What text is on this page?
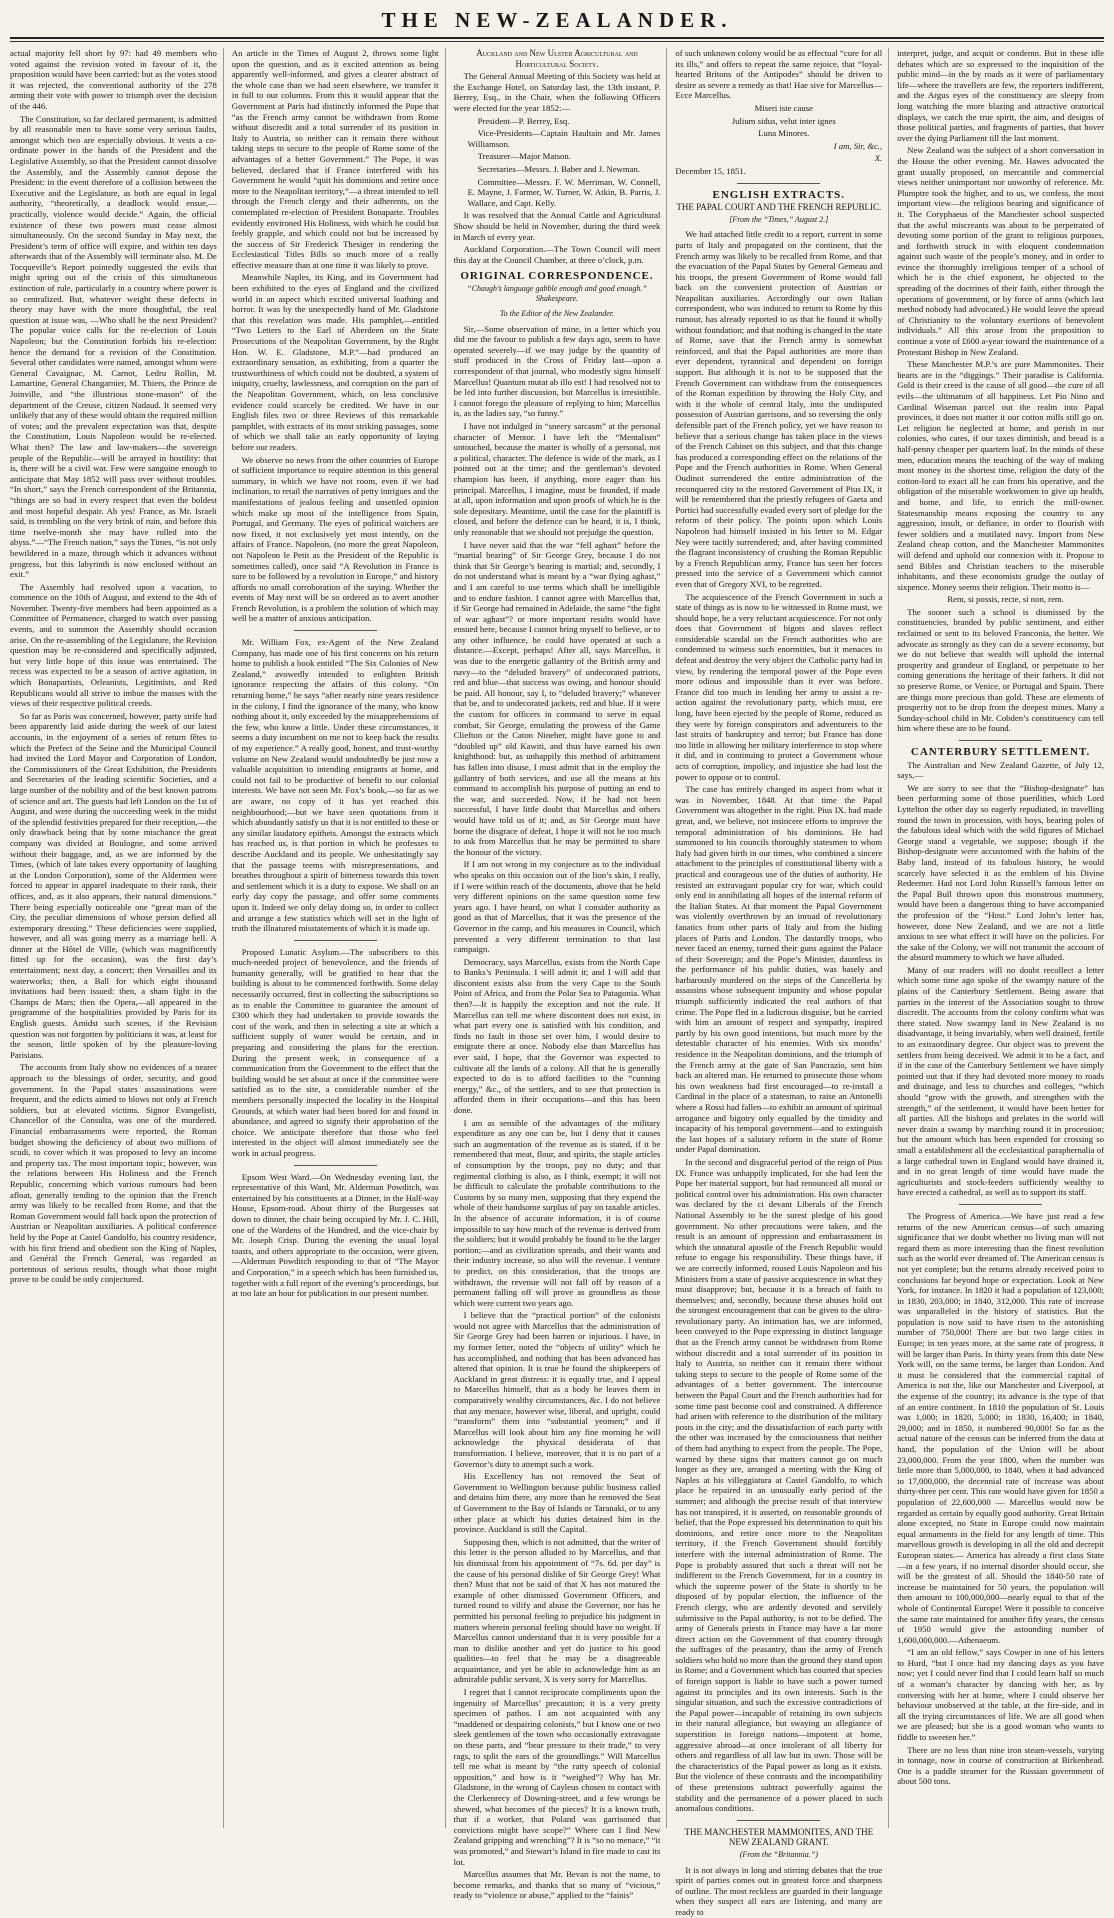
THE NEW-ZEALANDER.

actual majority fell short by 97: had 49 members who voted against the revision voted in favour of it, the proposition would have been carried: but as the votes stood it was rejected, the conventional authority of the 278 arming their vote with power to triumph over the decision of the 446.

The Constitution, so far declared permanent, is admitted by all reasonable men to have some very serious faults, amongst which two are especially obvious. It vests a co-ordinate power in the hands of the President and the Legislative Assembly, so that the President cannot dissolve the Assembly, and the Assembly cannot depose the President: in the event therefore of a collision between the Executive and the Legislature, as both are equal in legal authority, “theoretically, a deadlock would ensue,—practically, violence would decide.” Again, the official existence of these two powers must cease almost simultaneously. On the second Sunday in May next, the President’s term of office will expire, and within ten days afterwards that of the Assembly will terminate also. M. De Tocqueville’s Report pointedly suggested the evils that might spring out of the crisis of this simultaneous extinction of rule, particularly in a country where power is so centralized. But, whatever weight these defects in theory may have with the more thoughtful, the real question at issue was, —Who shall be the next President? The popular voice calls for the re-election of Louis Napoleon; but the Constitution forbids his re-election: hence the demand for a revision of the Constitution. Several other candidates were named, amongst whom were General Cavaignac, M. Carnot, Ledru Rollin, M. Lamartine, General Changarnier, M. Thiers, the Prince de Joinville, and “the illustrious stone-mason” of the department of the Creuse, citizen Nadaud. It seemed very unlikely that any of these would obtain the required million of votes; and the prevalent expectation was that, despite the Constitution, Louis Napoleon would be re-elected. What then? The law and law-makers—the sovereign people of the Republic—will be arrayed in hostility: that is, there will be a civil war. Few were sanguine enough to anticipate that May 1852 will pass over without troubles. “In short,” says the French correspondent of the Britannia, “things are so bad in every respect that even the boldest and most hopeful despair. Ah yes! France, as Mr. Israeli said, is trembling on the very brink of ruin, and before this time twelve-month she may have rolled into the abyss.”—“The French nation,” says the Times, “is not only bewildered in a maze, through which it advances without progress, but this labyrinth is now enclosed without an exit.”

The Assembly had resolved upon a vacation, to commence on the 10th of August, and extend to the 4th of November. Twenty-five members had been appointed as a Committee of Permanence, charged to watch over passing events, and to summon the Assembly should occasion arise. On the re-assembling of the Legislature, the Revision question may be re-considered and specifically adjusted, but very little hope of this issue was entertained. The recess was expected to be a season of active agitation, in which Bonapartists, Orleanists, Legitimists, and Red Republicans would all strive to imbue the masses with the views of their respective political creeds.

So far as Paris was concerned, however, party strife had been apparently laid aside during the week of our latest accounts, in the enjoyment of a series of return fêtes to which the Prefect of the Seine and the Municipal Council had invited the Lord Mayor and Corporation of London, the Commissioners of the Great Exhibition, the Presidents and Secretaries of the leading scientific Societies, and a large number of the nobility and of the best known patrons of science and art. The guests had left London on the 1st of August, and were during the succeeding week in the midst of the splendid festivities prepared for their reception,—the only drawback being that by some mischance the great company was divided at Boulogne, and some arrived without their baggage, and, as we are informed by the Times, (which of late takes every opportunity of laughing at the London Corporation), some of the Aldermen were forced to appear in apparel inadequate to their rank, their offices, and, as it also appears, their natural dimensions.” There being especially noticeable one “great man of the City, the peculiar dimensions of whose person defied all extemporary dressing.” These deficiencies were supplied, however, and all was going merry as a marriage bell. A dinner at the Hôtel de Ville, (which was magnificently fitted up for the occasion), was the first day’s entertainment; next day, a concert; then Versailles and its waterworks; then, a Ball for which eight thousand invitations had been issued: then, a sham fight in the Champs de Mars; then the Opera,—all appeared in the programme of the hospitalities provided by Paris for its English guests. Amidst such scenes, if the Revision question was not forgotten by politicians it was, at least for the season, little spoken of by the pleasure-loving Parisians.

The accounts from Italy show no evidences of a nearer approach to the blessings of order, security, and good government. In the Papal states assassinations were frequent, and the edicts aimed to blows not only at French soldiers, but at elevated victims. Signor Evangelisti, Chancellor of the Consulta, was one of the murdered. Financial embarrassments were reported, the Roman budget showing the deficiency of about two millions of scudi, to cover which it was proposed to levy an income and property tax. The most important topic, however, was the relations between His Holiness and the French Republic, concerning which various rumours had been afloat, generally tending to the opinion that the French army was likely to be recalled from Rome, and that the Roman Government would fall back upon the protection of Austrian or Neapolitan auxiliaries. A political conference held by the Pope at Castel Gandolfo, his country residence, with his first friend and obedient son the King of Naples, and Genéral the French General, was regarded as portentous of serious results, though what those might prove to be could be only conjectured.

An article in the Times of August 2, throws some light upon the question, and as it excited attention as being apparently well-informed, and gives a clearer abstract of the whole case than we had seen elsewhere, we transfer it in full to our columns. From this it would appear that the Government at Paris had distinctly informed the Pope that “as the French army cannot be withdrawn from Rome without discredit and a total surrender of its position in Italy to Austria, so neither can it remain there without taking steps to secure to the people of Rome some of the advantages of a better Government.” The Pope, it was believed, declared that if France interfered with his Government he would “quit his dominions and retire once more to the Neapolitan territory,”—a threat intended to tell through the French clergy and their adherents, on the contemplated re-election of President Bonaparte. Troubles evidently environed His Holiness, with which he could but feebly grapple, and which could not but be increased by the success of Sir Frederick Thesiger in rendering the Ecclesiastical Titles Bills so much more of a really effective measure than at one time it was likely to prove.

Meanwhile Naples, its King, and its Government had been exhibited to the eyes of England and the civilized world in an aspect which excited universal loathing and horror. It was by the unexpectedly hand of Mr. Gladstone that this revelation was made. His pamphlet,—entitled “Two Letters to the Earl of Aberdeen on the State Prosecutions of the Neapolitan Government, by the Right Hon. W. E. Gladstone, M.P.”—had produced an extraordinary sensation, as exhibiting, from a quarter the trustworthiness of which could not be doubted, a system of iniquity, cruelty, lawlessness, and corruption on the part of the Neapolitan Government, which, on less conclusive evidence could scarcely be credited. We have in our English files two or three Reviews of this remarkable pamphlet, with extracts of its most striking passages, some of which we shall take an early opportunity of laying before our readers.

We observe no news from the other countries of Europe of sufficient importance to require attention in this general summary, in which we have not room, even if we had inclination, to retail the narratives of petty intrigues and the manifestations of jealous feeling and unsettled opinion which make up most of the intelligence from Spain, Portugal, and Germany. The eyes of political watchers are now fixed, it not exclusively yet most intently, on the affairs of France. Napoleon, (no more the great Napoleon, not Napoleon le Petit as the President of the Republic is sometimes called), once said “A Revolution in France is sure to be followed by a revolution in Europe,” and history affords no small corroboration of the saying. Whether the events of May next will be so ordered as to avert another French Revolution, is a problem the solution of which may well be a matter of anxious anticipation.

Mr. William Fox, ex-Agent of the New Zealand Company, has made one of his first concerns on his return home to publish a book entitled “The Six Colonies of New Zealand,” avowedly intended to enlighten British ignorance respecting the affairs of this colony. “On returning home,” he says “after nearly nine years residence in the colony, I find the ignorance of the many, who know nothing about it, only exceeded by the misapprehensions of the few, who know a little. Under these circumstances, it seems a duty incumbent on me not to keep back the results of my experience.” A really good, honest, and trust-worthy volume on New Zealand would undoubtedly be just now a valuable acquisition to intending emigrants at home, and could not fail to be productive of benefit to our colonial interests. We have not seen Mr. Fox’s book,—so far as we are aware, no copy of it has yet reached this neighbourhood;—but we have seen quotations from it which abundantly satisfy us that it is not entitled to these or any similar laudatory epithets. Amongst the extracts which has reached us, is that portion in which he professes to describe Auckland and its people. We unhesitatingly say that the passage teems with misrepresentations, and breathes throughout a spirit of bitterness towards this town and settlement which it is a duty to expose. We shall on an early day copy the passage, and offer some comments upon it. Indeed we only delay doing so, in order to collect and arrange a few statistics which will set in the light of truth the illnatured misstatements of which it is made up.

Proposed Lunatic Asylum.—The subscribers to this much-needed project of benevolence, and the friends of humanity generally, will be gratified to hear that the building is about to be commenced forthwith. Some delay necessarily occurred, first in collecting the subscriptions so as to enable the Committee to guarantee the amount of £300 which they had undertaken to provide towards the cost of the work, and then in selecting a site at which a sufficient supply of water would be certain, and in preparing and considering the plans for the erection. During the present week, in consequence of a communication from the Government to the effect that the building would be set about at once if the committee were satisfied as to the site, a considerable number of the members personally inspected the locality in the Hospital Grounds, at which water had been bored for and found in abundance, and agreed to signify their approbation of the choice. We anticipate therefore that those who feel interested in the object will almost immediately see the work in actual progress.

Epsom West Ward.—On Wednesday evening last, the representative of this Ward, Mr. Alderman Powditch, was entertained by his constituents at a Dinner, in the Half-way House, Epsom-road. About thirty of the Burgesses sat down to dinner, the chair being occupied by Mr. J. C. Hill, one of the Wardens of the Hundred, and the vice-chair by Mr. Joseph Crisp. During the evening the usual loyal toasts, and others appropriate to the occasion, were given,—Alderman Powditch responding to that of “The Mayor and Corporation,” in a speech which has been furnished us, together with a full report of the evening’s proceedings, but at too late an hour for publication in our present number.

Auckland and New Ulster Agricultural and Horticultural Society.

The General Annual Meeting of this Society was held at the Exchange Hotel, on Saturday last, the 13th instant, P. Berrey, Esq., in the Chair, when the following Officers were elected for the year 1852:—

President—P. Berrey, Esq.

Vice-Presidents—Captain Haultain and Mr. James Williamson.

Treasurer—Major Matson.

Secretaries—Messrs. J. Baber and J. Newman.

Committee—Messrs. F. W. Merriman, W. Connell, E. Mayne, J. Farmer, W. Turner, W. Atkin, B. Parris, J. Wallace, and Capt. Kelly.

It was resolved that the Annual Cattle and Agricultural Show should be held in November, during the third week in March of every year.

Auckland Corporation.—The Town Council will meet this day at the Council Chamber, at three o’clock, p.m.

ORIGINAL CORRESPONDENCE.
“Chaugh’s language gabble enough and good enough.” Shakespeare.
To the Editor of the New Zealander.

Sir,—Some observation of mine, in a letter which you did me the favour to publish a few days ago, seem to have operated severely—if we may judge by the quantity of stuff produced in the Cross of Friday last—upon a correspondent of that journal, who modestly signs himself Marcellus! Quantum mutat ab illo est! I had resolved not to be led into further discussion, but Marcellus is irresistible. I cannot forego the pleasure of replying to him; Marcellus is, as the ladies say, “so funny.”

I have not indulged in “sneery sarcasm” at the personal character of Mentor. I have left the “Mentalism” untouched, because the matter is wholly of a personal, not a political, character. The defence is wide of the mark, as I pointed out at the time; and the gentleman’s devoted champion has been, if anything, more eager than his principal. Marcellus, I imagine, must be founded, if made at all, upon information and upon proofs of which he is the sole depositary. Meantime, until the case for the plaintiff is closed, and before the defence can be heard, it is, I think, only reasonable that we should not prejudge the question.

I have never said that the war “fell aghast” before the “martial bearing” of Sir George Grey, because I do not think that Sir George’s bearing is martial; and, secondly, I do not understand what is meant by a “war flying aghast,” and I am careful to use terms which shall be intelligible and to endure fashion. I cannot agree with Marcellus that, if Sir George had remained in Adelaide, the same “the fight of war aghast”? or more important results would have ensued here, because I cannot bring myself to believe, or to any other influence, he could have operated at such a distance.—Except, perhaps! After all, says Marcellus, it was due to the energetic gallantry of the British army and navy—to the “deluded bravery” of undecorated patriots, red and blue—that success was owing, and honour should be paid. All honour, say I, to “deluded bravery;” whatever that be, and to undecorated jackets, red and blue. If it were the custom for officers in command to serve in equal combat, Sir George, emulating the prowess of the Game Cliefton or the Caton Nineher, might have gone to and “doubled up” old Kawiti, and thus have earned his own knighthood: but, as unhappily this method of arbitrament has fallen into disuse, I must admit that in the employ the gallantry of both services, and use all the means at his command to accomplish his purpose of putting an end to the war, and succeeded. Now, if he had not been successful, I have little doubt that Marcellus and others would have told us of it; and, as Sir George must have borne the disgrace of defeat, I hope it will not be too much to ask from Marcellus that he may be permitted to share the honour of the victory.

If I am not wrong in my conjecture as to the individual who speaks on this occasion out of the lion’s skin, I really, if I were within reach of the documents, above that he held very different opinions on the same question some few years ago. I have heard, on what I consider authority as good as that of Marcellus, that it was the presence of the Governor in the camp, and his measures in Council, which prevented a very different termination to that last campaign.

Democracy, says Marcellus, exists from the North Cape to Banks’s Peninsula. I will admit it; and I will add that discontent exists also from the very Cape to the South Point of Africa, and from the Polar Sea to Patagonia. What then?—It is happily the exception and not the rule. If Marcellus can tell me where discontent does not exist, in what part every one is satisfied with his condition, and finds no fault in those set over him, I would desire to emigrate there at once. Nobody else than Marcellus has ever said, I hope, that the Governor was expected to cultivate all the lands of a colony. All that he is generally expected to do is to afford facilities to the “cunning energy,” &c., of the settlers, and to see that protection is afforded them in their occupations—and this has been done.

I am as sensible of the advantages of the military expenditure as any one can be, but I deny that it causes such an augmentation of the revenue as is stated, if it be remembered that meat, flour, and spirits, the staple articles of consumption by the troops, pay no duty; and that regimental clothing is also, as I think, exempt; it will not be difficult to calculate the probable contributions to the Customs by so many men, supposing that they expend the whole of their handsome surplus of pay on taxable articles. In the absence of accurate information, it is of course impossible to say how much of the revenue is derived from the soldiers; but it would probably be found to be the larger portion;—and as civilization spreads, and their wants and their industry increase, so also will the revenue. I venture to predict, on this consideration, that the troops are withdrawn, the revenue will not fall off by reason of a permanent falling off will prove as groundless as those which were current two years ago.

I believe that the “practical portion” of the colonists would not agree with Marcellus that the administration of Sir George Grey had been barren or injurious. I have, in my former letter, noted the “objects of utility” which he has accomplished, and nothing that has been advanced has altered that opinion. It is true he found the shipkeepers of Auckland in great distress: it is equally true, and I appeal to Marcellus himself, that as a body he leaves them in comparatively wealthy circumstances, &c. I do not believe that any menace, however wise, liberal, and upright, could “transform” them into “substantial yeomen;” and if Marcellus will look about him any fine morning he will acknowledge the physical desiderata of that transformation. I believe, moreover, that it is no part of a Governor’s duty to attempt such a work.

His Excellency has not removed the Seat of Government to Wellington because public business called and detains him there, any more than he removed the Seat of Government to the Bay of Islands or Taranaki, or to any other place at which his duties detained him in the province. Auckland is still the Capital.

Supposing then, which is not admitted, that the writer of this letter is the person alluded to by Marcellus, and that his dismissal from his appointment of “7s. 6d. per day” is the cause of his personal dislike of Sir George Grey! What then? Must that not be said of that X has not matured the example of other dismissed Government Officers, and turned round to vilify and abuse the Governor, nor has he permitted his personal feeling to prejudice his judgment in matters wherein personal feeling should have no weight. If Marcellus cannot understand that it is very possible for a man to dislike another and yet do justice to his good qualities—to feel that he may be a disagreeable acquaintance, and yet be able to acknowledge him as an admirable public servant, X is very sorry for Marcellus.

I regret that I cannot reciprocate compliments upon the ingenuity of Marcellus’ precaution; it is a very pretty specimen of pathos. I am not acquainted with any “maddened or despairing colonists,” but I know one or two sleek gentlemen of the town who occasionally extravagate on these parts, and “bear pressure to their trade,” to very rags, to split the ears of the groundlings.” Will Marcellus tell me what is meant by “the ratty speech of colonial opposition,” and how is it “weighed”? Why has Mr. Gladstone, in the wrong of Cayleus chosen to contact with the Clerkenrecy of Downing-street, and a few wrongs be shewed, what becomes of the pieces? It is a known truth, that if a worker, that Poland was garrisoned that convictions might have scope?” Where can I find New Zealand gripping and wrenching”? It is “so no menace,” “it was promoted,” and Stewart’s Island in fire made to cast its lot.

Marcellus assumes that Mr. Bevan is not the name, to become remarks, and thanks that so many of “vicious,” ready to “violence or abuse,” applied to the “fainis”

of such unknown colony would be as effectual “cure for all its ills,” and offers to repeat the same rejoice, that “loyal-hearted Britons of the Antipodes” should be driven to desire as severe a remedy as that! Hae sive for Marcellus—Ecce Marcellus.

Miseri iste cause

Julium sidus, velut inter ignes

Luna Minores.

I am, Sir, &c.,
X.

December 15, 1851.

ENGLISH EXTRACTS.
THE PAPAL COURT AND THE FRENCH REPUBLIC.
[From the “Times,” August 2.]

We had attached little credit to a report, current in some parts of Italy and propagated on the continent, that the French army was likely to be recalled from Rome, and that the evacuation of the Papal States by General Gemeau and his troops, the present Government of Rome would fall back on the convenient protection of Austrian or Neapolitan auxiliaries. Accordingly our own Italian correspondent, who was induced to return to Rome by this rumour, has already reported to us that he found it wholly without foundation; and that nothing is changed in the state of Rome, save that the French army is somewhat reinforced, and that the Papal authorities are more than ever dependent, tyrannical and dependent on foreign support. But although it is not to be supposed that the French Government can withdraw from the consequences of the Roman expedition by throwing the Holy City, and with it the whole of central Italy, into the undisputed possession of Austrian garrisons, and so reversing the only defensible part of the French policy, yet we have reason to believe that a serious change has taken place in the views of the French Cabinet on this subject, and that this change has produced a corresponding effect on the relations of the Pope and the French authorities in Rome. When General Oudinot surrendered the entire administration of the reconquered city to the restored Government of Pius IX, it will be remembered that the priestly refugees of Gaeta and Portici had successfully evaded every sort of pledge for the reform of their policy. The points upon which Louis Napoleon had himself insisted in his letter to M. Edgar Ney were tacitly surrendered; and, after having committed the flagrant inconsistency of crushing the Roman Republic by a French Republican army, France has seen her forces pressed into the service of a Government which cannot even that of Gregory XVI, to be regretted.

The acquiescence of the French Government in such a state of things as is now to be witnessed in Rome must, we should hope, be a very reluctant acquiescence. For not only does that Government of bigots and slaves reflect considerable scandal on the French authorities who are condemned to witness such enormities, but it menaces to defeat and destroy the very object the Catholic party had in view, by rendering the temporal power of the Pope even more odious and impossible than it ever was before. France did too much in lending her army to assist a re-action against the revolutionary party, which must, ere long, have been ejected by the people of Rome, reduced as they were by foreign conspirators and adventurers to the last straits of bankruptcy and terror; but France has done too little in allowing her military interference to stop where it did, and in continuing to protect a Government whose acts of corruption, impolicy, and injustice she had lost the power to oppose or to control.

The case has entirely changed its aspect from what it was in November, 1848. At that time the Papal Government was altogether in the right. Pius IX. had made great, and, we believe, not insincere efforts to improve the temporal administration of his dominions. He had summoned to his councils thoroughly statesmen to whom Italy had given birth in our times, who combined a sincere attachment to the principles of constitutional liberty with a practical and courageous use of the duties of authority. He resisted an extravagant popular cry for war, which could only end in annihilating all hopes of the internal reform of the Italian States. At that moment the Papal Government was violently overthrown by an inroad of revolutionary fanatics from other parts of Italy and from the hiding places of Paris and London. The dastardly troops, who never faced an enemy, turned their guns against the Palace of their Sovereign; and the Pope’s Minister, dauntless in the performance of his public duties, was basely and barbarously murdered on the steps of the Cancelleria by assassins whose subsequent impunity and whose popular triumph sufficiently indicated the real authors of that crime. The Pope fled in a ludicrous disguise, but he carried with him an amount of respect and sympathy, inspired partly by his own good intentions, but much more by the detestable character of his enemies. With six months’ residence in the Neapolitan dominions, and the triumph of the French army at the gate of San Pancrazio, sent him back an altered man. He returned to prosecute those whom his own weakness had first encouraged—to re-install a Cardinal in the place of a statesman, to raise an Antonelli where a Rossi had fallen—to exhibit an amount of spiritual arrogance and bigotry only equalled by the timidity and incapacity of his temporal government—and to extinguish the last hopes of a salutary reform in the state of Rome under Papal domination.

In the second and disgraceful period of the reign of Pius IX. France was unhappily implicated, for she had lent the Pope her material support, but had renounced all moral or political control over his administration. His own character was declared by the ci devant Liberals of the French National Assembly to be the surest pledge of his good government. No other precautions were taken, and the result is an amount of oppression and embarrassment in which the unnatural apostle of the French Republic would refuse to engage his responsibility. These things have, if we are correctly informed, roused Louis Napoleon and his Ministers from a state of passive acquiescence in what they must disapprove; but, because it is a breach of faith to themselves; and, secondly, because these abuses hold out the strongest encouragement that can be given to the ultra-revolutionary party. An intimation has, we are informed, been conveyed to the Pope expressing in distinct language that as the French army cannot be withdrawn from Rome without discredit and a total surrender of its position in Italy to Austria, so neither can it remain there without taking steps to secure to the people of Rome some of the advantages of a better government. The intercourse between the Papal Court and the French authorities had for some time past become cool and constrained. A difference had arisen with reference to the distribution of the military posts in the city; and the dissatisfaction of each party with the other was increased by the consciousness that neither of them had anything to expect from the people. The Pope, warned by these signs that matters cannot go on much longer as they are, arranged a meeting with the King of Naples at his villeggiatura at Castel Gandolfo, to which place he repaired in an unusually early period of the summer; and although the precise result of that interview has not transpired, it is asserted, on reasonable grounds of belief, that the Pope expressed his determination to quit his dominions, and retire once more to the Neapolitan territory, if the French Government should forcibly interfere with the internal administration of Rome. The Pope is probably assured that such a threat will not be indifferent to the French Government, for in a country in which the supreme power of the State is shortly to be disposed of by popular election, the influence of the French clergy, who are ardently devoted and servilely submissive to the Papal authority, is not to be defied. The army of Generals priests in France may have a far more direct action on the Government of that country through the suffrages of the peasantry, than the army of French soldiers who hold no more than the ground they stand upon in Rome; and a Government which has courted that species of foreign support is liable to have such a power turned against its principles and its own interests. Such is the singular situation, and such the excessive contradictions of the Papal power—incapable of retaining its own subjects in their natural allegiance, but swaying an allegiance of superstition in foreign nations—impotent at home, aggressive abroad—at once intolerant of all liberty for others and regardless of all law but its own. Those will be the characteristics of the Papal power as long as it exists. But the violence of these contrasts and the incompatibility of these pretensions subtract powerfully against the stability and the permanence of a power placed in such anomalous conditions.

THE MANCHESTER MAMMONITES, AND THE NEW ZEALAND GRANT.
(From the “Britannia.”)

It is not always in long and stirring debates that the true spirit of parties comes out in greatest force and sharpness of outline. The most reckless are guarded in their language when they suspect all ears are listening, and many are ready to

interpret, judge, and acquit or condemn. But in these idle debates which are so expressed to the inquisition of the public mind—in the by roads as it were of parliamentary life—where the travellers are few, the reporters indifferent, and the Argus eyes of the constituency are sleepy from long watching the more blazing and attractive oratorical displays, we catch the true spirit, the aim, and designs of those political parties, and fragments of parties, that hover over the dying Parliament till the last moment.

New Zealand was the subject of a short conversation in the House the other evening. Mr. Hawes advocated the grant usually proposed, on mercantile and commercial views neither unimportant nor unworthy of reference. Mr. Plumptre took the higher, and to us, we confess, the most important view—the religious bearing and significance of it. The Coryphaeus of the Manchester school suspected that the awful miscreants was about to be perpetrated of devoting some portion of the grant to religious purposes, and forthwith struck in with eloquent condemnation against such waste of the people’s money, and in order to evince the thoroughly irreligious temper of a school of which he is the chief exponent, he objected to the spreading of the doctrines of their faith, either through the operations of government, or by force of arms (which last method nobody had advocated.) He would leave the spread of Christianity to the voluntary exertions of benevolent individuals.” All this arose from the proposition to continue a vote of £600 a-year toward the maintenance of a Protestant Bishop in New Zealand.

These Manchester M.P.’s are pure Mammonites. Their hearts are in the “diggings.” Their paradise is California. Gold is their creed is the cause of all good—the cure of all evils—the ultimatum of all happiness. Let Pio Nino and Cardinal Wiseman parcel out the realm into Papal provinces, it does not matter it our cotton mills still go on. Let religion be neglected at home, and perish in our colonies, who cares, if our taxes diminish, and bread is a half-penny cheaper per quartern loaf. In the minds of these men, education means the teaching of the way of making most money in the shortest time, religion the duty of the cotton-lord to exact all he can from his operative, and the obligation of the miserable workwomen to give up health, and home, and life, to enrich the mill-owner. Statesmanship means exposing the country to any aggression, insult, or defiance, in order to flourish with fewer soldiers and a mutilated navy. Import from New Zealand cheap cotton, and the Manchester Mammonites will defend and uphold our connexion with it. Propose to send Bibles and Christian teachers to the miserable inhabitants, and these economists grudge the outlay of sixpence. Money seems their religion. Their motto is—

Rem, si possis, recte, si non, rem.

The sooner such a school is dismissed by the constituencies, branded by public sentiment, and either reclaimed or sent to its beloved Franconia, the better. We advocate as strongly as they can do a severe economy, but we do not believe that wealth will uphold the internal prosperity and grandeur of England, or perpetuate to her coming generations the heritage of their fathers. It did not so preserve Rome, or Venice, or Portugal and Spain. There are things more precious than gold. These are elements of prosperity not to be drop from the deepest mines. Many a Sunday-school child in Mr. Cobden’s constituency can tell him where these are to be found.

CANTERBURY SETTLEMENT.

The Australian and New Zealand Gazette, of July 12, says,—

We are sorry to see that the “Bishop-designate” has been performing some of those puerilities, which Lord Lyttelton the other day so eagerly repudiated, in travelling round the town in procession, with boys, bearing poles of the fabulous ideal which with the wild figures of Michael George stand a vegetable, we suppose; though if the Bishop-designate were accustomed with the habits of the Baby land, instead of its fabulous history, he would scarcely have selected it as the emblem of his Divine Redeemer. Had not Lord John Russell’s famous letter on the Papal Bull thrown upon this monstrous mummery, would have been a dangerous thing to have accompanied the profession of the “Host.” Lord John’s letter has, however, done New Zealand, and we are not a little anxious to see what effect it will have on the policies. For the sake of the Colony, we will not transmit the account of the absurd mummery to which we have alluded.

Many of our readers will no doubt recollect a letter which some time ago spoke of the swampy nature of the plains of the Canterbury Settlement. Being aware that parties in the interest of the Association sought to throw discredit. The accounts from the colony confirm what was there stated. Now swampy land in New Zealand is no disadvantage, it being invariably, when well drained, fertile to an extraordinary degree. Our object was to prevent the settlers from being deceived. We admit it to be a fact, and if in the case of the Canterbury Settlement we have simply pointed out that if they had devoted more money to roads and drainage, and less to churches and colleges, “which should “grow with the growth, and strengthen with the strength,” of the settlement, it would have been better for all parties. All the bishops and prelates in the world will never drain a swamp by marching round it in procession; but the amount which has been expended for crossing so small a establishment all the ecclesiastical paraphernalia of a large cathedral town in England would have drained it, and in no great length of time would have made the agriculturists and stock-feeders sufficiently wealthy to have erected a cathedral, as well as to support its staff.

The Progress of America.—We have just read a few returns of the new American census—of such amazing significance that we doubt whether no living man will not regard them as more interesting than the finest revolution such as the world ever dreamed of. The American census is not yet complete; but the returns already received point to conclusions far beyond hope or expectation. Look at New York, for instance. In 1820 it had a population of 123,000; in 1830, 203,000; in 1840, 312,000. This rate of increase was unparalleled in the history of statistics. But the population is now said to have risen to the astonishing number of 750,000! There are but two large cities in Europe; in ten years more, at the same rate of progress, it will be larger than Paris. In thirty years from this date New York will, on the same terms, be larger than London. And it must be considered that the commercial capital of America is not the, like our Manchester and Liverpool, at the expense of the country; its advance is the type of that of an entire continent. In 1810 the population of St. Louis was 1,000; in 1820, 5,000; in 1830, 16,400; in 1840, 29,000; and in 1850, it numbered 90,000! So far as the actual nature of the census can be inferred from the data at hand, the population of the Union will be about 23,000,000. From the year 1800, when the number was little more than 5,000,000, to 1840, when it had advanced to 17,000,000, the decennial rate of increase was about thirty-three per cent. This rate would have given for 1850 a population of 22,600,000 — Marcellus would now be regarded as certain by equally good authority. Great Britain alone excepted, no State in Europe could now maintain equal armaments in the field for any length of time. This marvellous growth is developing in all the old and decrepit European states.— America has already a first class State—in a few years, if no internal disorder should occur, she will be the greatest of all. Should the 1840-50 rate of increase be maintained for 50 years, the population will then amount to 100,000,000—nearly equal to that of the whole of Continental Europe! Were it possible to conceive the same rate maintained for another fifty years, the census of 1950 would give the astounding number of 1,600,000,000.—Athenaeum.

“I am an old fellow,” says Cowper in one of his letters to Hurd, “but I once had my dancing days as you have now; yet I could never find that I could learn half so much of a woman’s character by dancing with her, as by conversing with her at home, where I could observe her behaviour unobserved at the table, at the fire-side, and in all the trying circumstances of life. We are all good when we are pleased; but she is a good woman who wants to fiddle to sweeten her.”

There are no less than nine iron steam-vessels, varying in tonnage, now in course of construction at Birkenhead. One is a paddle steamer for the Russian government of about 500 tons.
